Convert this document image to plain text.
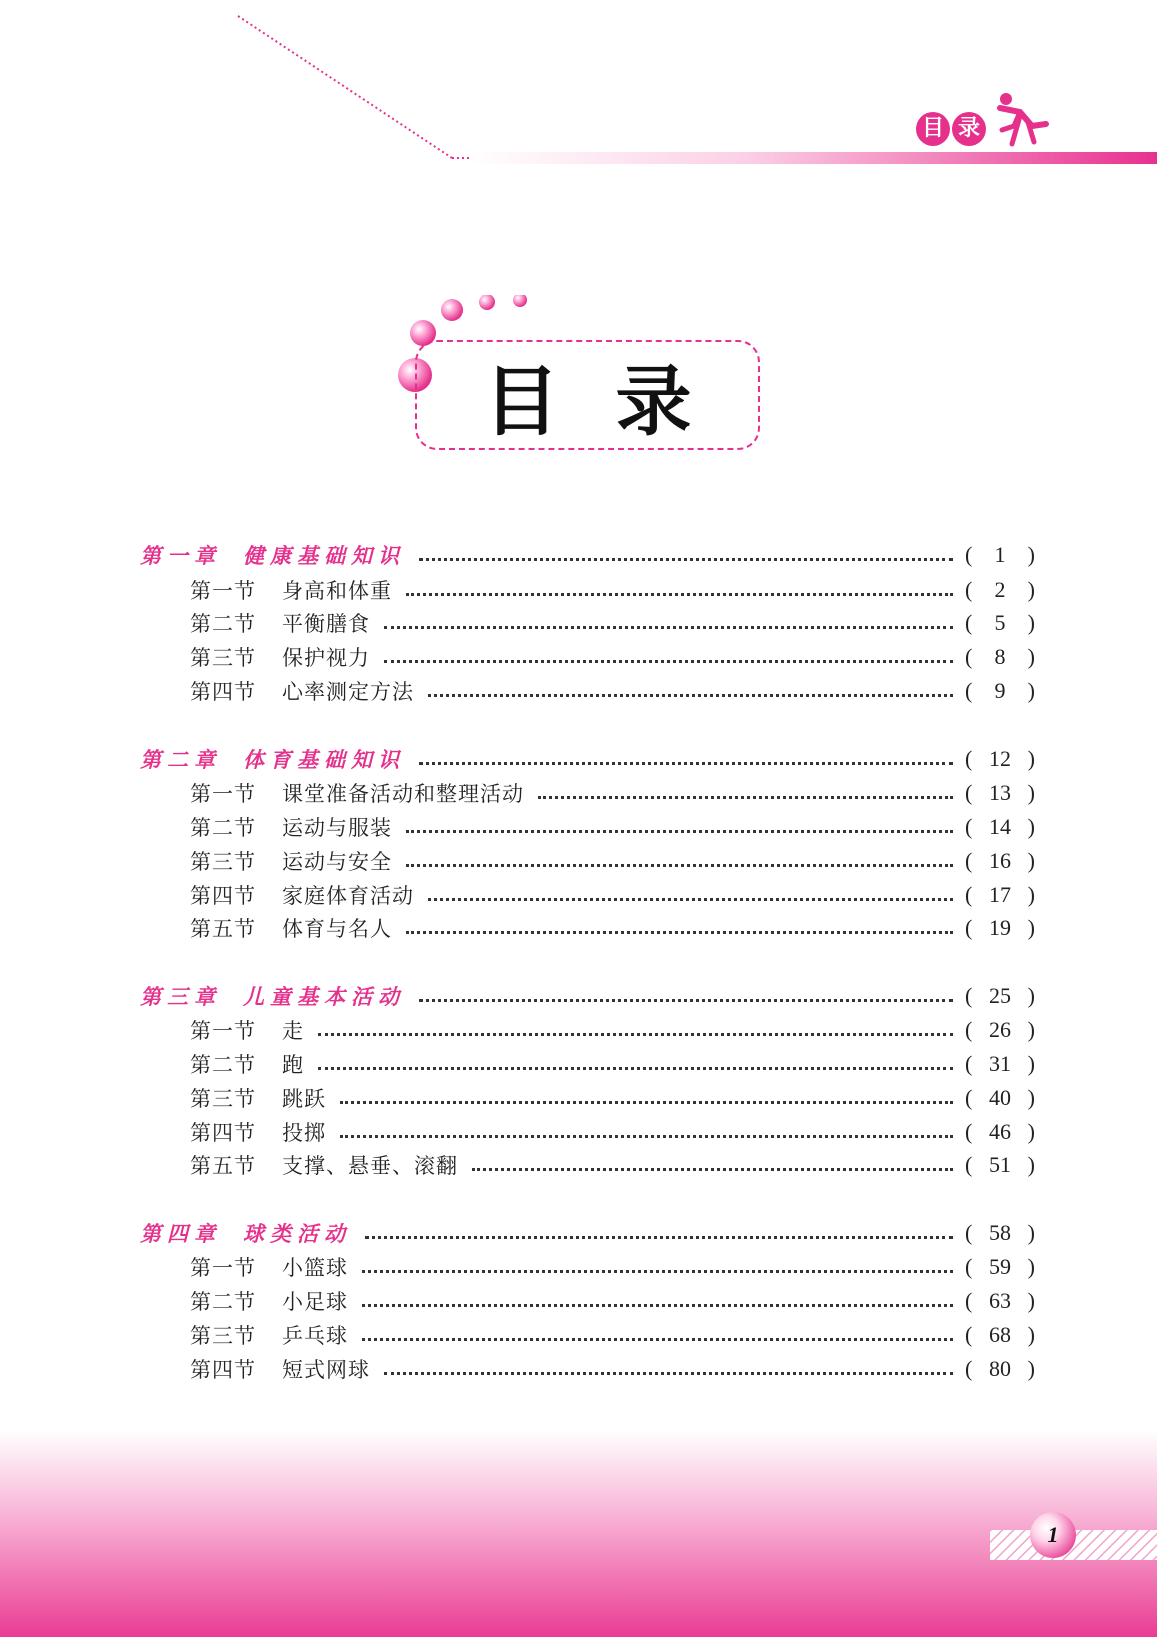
目 录
目录
第一章 健康基础知识	(	1	)
第一节 身高和体重	(	2	)
第二节 平衡膳食	(	5	)
第三节 保护视力	(	8	)
第四节 心率测定方法	(	9	)
第二章 体育基础知识	( 12 )
第一节 课堂准备活动和整理活动	( 13 )
第二节 运动与服装	( 14 )
第三节 运动与安全	( 16 )
第四节 家庭体育活动	( 17 )
第五节 体育与名人	( 19 )
第三章 儿童基本活动	( 25 )
第一节 走	( 26 )
第二节 跑	( 31 )
第三节 跳跃	( 40 )
第四节 投掷	( 46 )
第五节 支撑、悬垂、滚翻	( 51 )
第四章 球类活动	( 58 )
第一节 小篮球	( 59 )
第二节 小足球	( 63 )
第三节 乒乓球	( 68 )
第四节 短式网球	( 80 )
1
